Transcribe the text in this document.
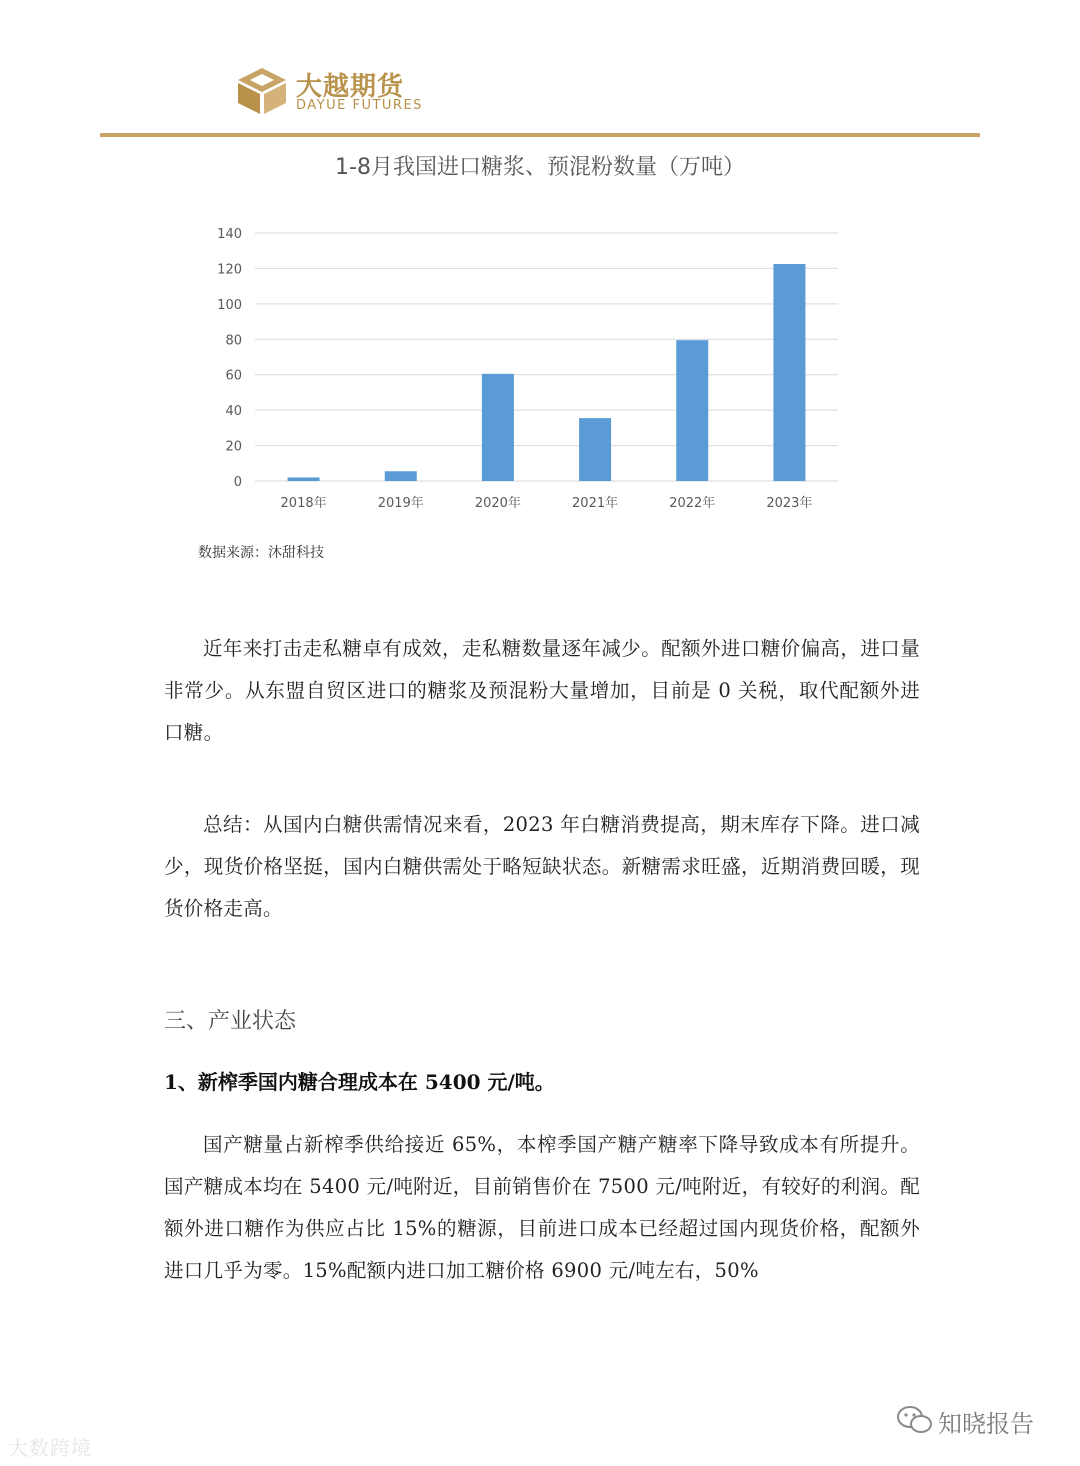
大越期货
DAYUE FUTURES
1-8月我国进口糖浆、预混粉数量（万吨）
0
20
40
60
80
100
120
140
2018年	2019年	2020年	2021年	2022年	2023年
数据来源：沐甜科技
近年来打击走私糖卓有成效，走私糖数量逐年减少。配额外进口糖价偏高，进口量非常少。从东盟自贸区进口的糖浆及预混粉大量增加，目前是 0 关税，取代配额外进口糖。
总结：从国内白糖供需情况来看，2023 年白糖消费提高，期末库存下降。进口减少，现货价格坚挺，国内白糖供需处于略短缺状态。新糖需求旺盛，近期消费回暖，现货价格走高。
三、产业状态
1、新榨季国内糖合理成本在 5400 元/吨。
国产糖量占新榨季供给接近 65%，本榨季国产糖产糖率下降导致成本有所提升。国产糖成本均在 5400 元/吨附近，目前销售价在 7500 元/吨附近，有较好的利润。配额外进口糖作为供应占比 15%的糖源，目前进口成本已经超过国内现货价格，配额外进口几乎为零。15%配额内进口加工糖价格 6900 元/吨左右，50%
大数跨境
知晓报告
